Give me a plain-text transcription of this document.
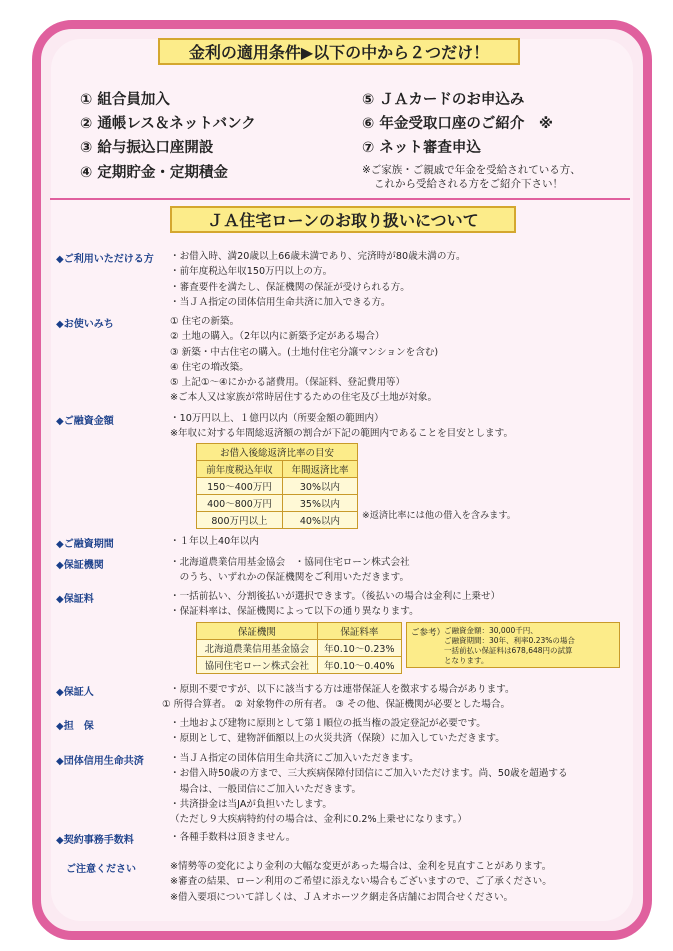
金利の適用条件▶以下の中から２つだけ！
① 組合員加入
② 通帳レス＆ネットバンク
③ 給与振込口座開設
④ 定期貯金・定期積金
⑤ ＪＡカードのお申込み
⑥ 年金受取口座のご紹介　※
⑦ ネット審査申込
※ご家族・ご親戚で年金を受給されている方、
これから受給される方をご紹介下さい！
ＪＡ住宅ローンのお取り扱いについて
◆ご利用いただける方 ・お借入時、満20歳以上66歳未満であり、完済時が80歳未満の方。
・前年度税込年収150万円以上の方。
・審査要件を満たし、保証機関の保証が受けられる方。
・当ＪＡ指定の団体信用生命共済に加入できる方。
◆お使いみち	① 住宅の新築。
② 土地の購入。（2年以内に新築予定がある場合）
③ 新築・中古住宅の購入。(土地付住宅分譲マンションを含む)
④ 住宅の増改築。
⑤ 上記①～④にかかる諸費用。（保証料、登記費用等）
※ご本人又は家族が常時居住するための住宅及び土地が対象。
◆ご融資金額	・10万円以上、１億円以内（所要金額の範囲内）
※年収に対する年間総返済額の割合が下記の範囲内であることを目安とします。
お借入後総返済比率の目安	
前年度税込年収	年間返済比率
150～400万円	30%以内
400～800万円	35%以内
800万円以上	40%以内
※返済比率には他の借入を含みます。
◆ご融資期間	・１年以上40年以内
◆保証機関	・北海道農業信用基金協会　・協同住宅ローン株式会社
　のうち、いずれかの保証機関をご利用いただきます。
◆保証料	・一括前払い、分割後払いが選択できます。（後払いの場合は金利に上乗せ）
・保証料率は、保証機関によって以下の通り異なります。
保証機関	保証料率
北海道農業信用基金協会	年0.10～0.23%
協同住宅ローン株式会社	年0.10～0.40%
ご参考）
ご融資金額：30,000千円、
ご融資期間：30年、利率0.23%の場合
一括前払い保証料は678,648円の試算
となります。
◆保証人	・原則不要ですが、以下に該当する方は連帯保証人を徴求する場合があります。
① 所得合算者。 ② 対象物件の所有者。 ③ その他、保証機関が必要とした場合。
◆担　保	・土地および建物に原則として第１順位の抵当権の設定登記が必要です。
・原則として、建物評価額以上の火災共済（保険）に加入していただきます。
◆団体信用生命共済	・当ＪＡ指定の団体信用生命共済にご加入いただきます。
・お借入時50歳の方まで、三大疾病保障付団信にご加入いただけます。尚、50歳を超過する
　場合は、一般団信にご加入いただきます。
・共済掛金は当JAが負担いたします。
（ただし９大疾病特約付の場合は、金利に0.2%上乗せになります。）
◆契約事務手数料	・各種手数料は頂きません。
ご注意ください	※情勢等の変化により金利の大幅な変更があった場合は、金利を見直すことがあります。
※審査の結果、ローン利用のご希望に添えない場合もございますので、ご了承ください。
※借入要項について詳しくは、ＪＡオホーツク網走各店舗にお問合せください。
